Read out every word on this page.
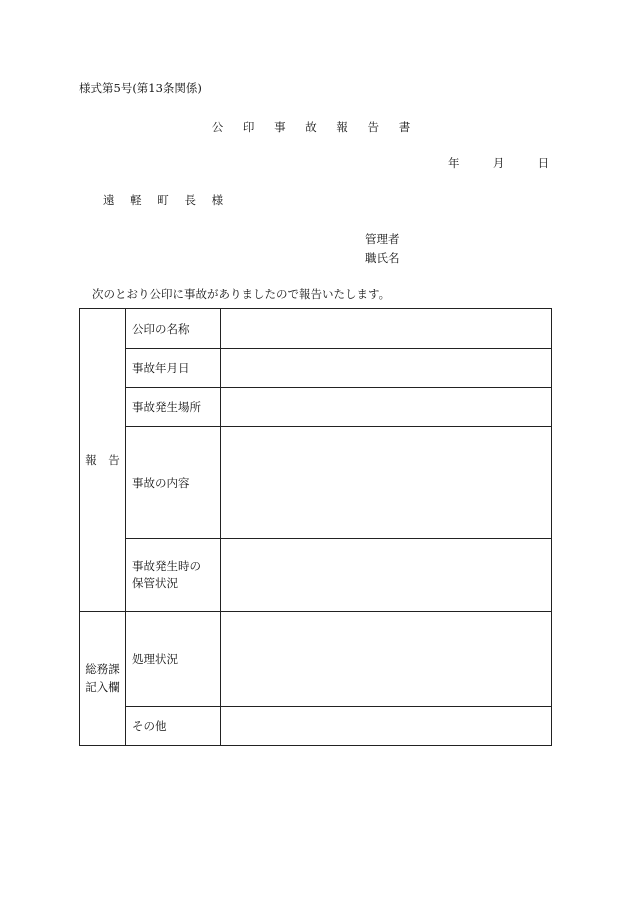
様式第5号(第13条関係)
公 印 事 故 報 告 書
年	月	日
遠 軽 町 長 様
管理者
職氏名
次のとおり公印に事故がありましたので報告いたします。
報　告	公印の名称	
	事故年月日	
	事故発生場所	
	事故の内容	

	事故発生時の
保管状況	

総務課
記入欄	処理状況	
	その他	
